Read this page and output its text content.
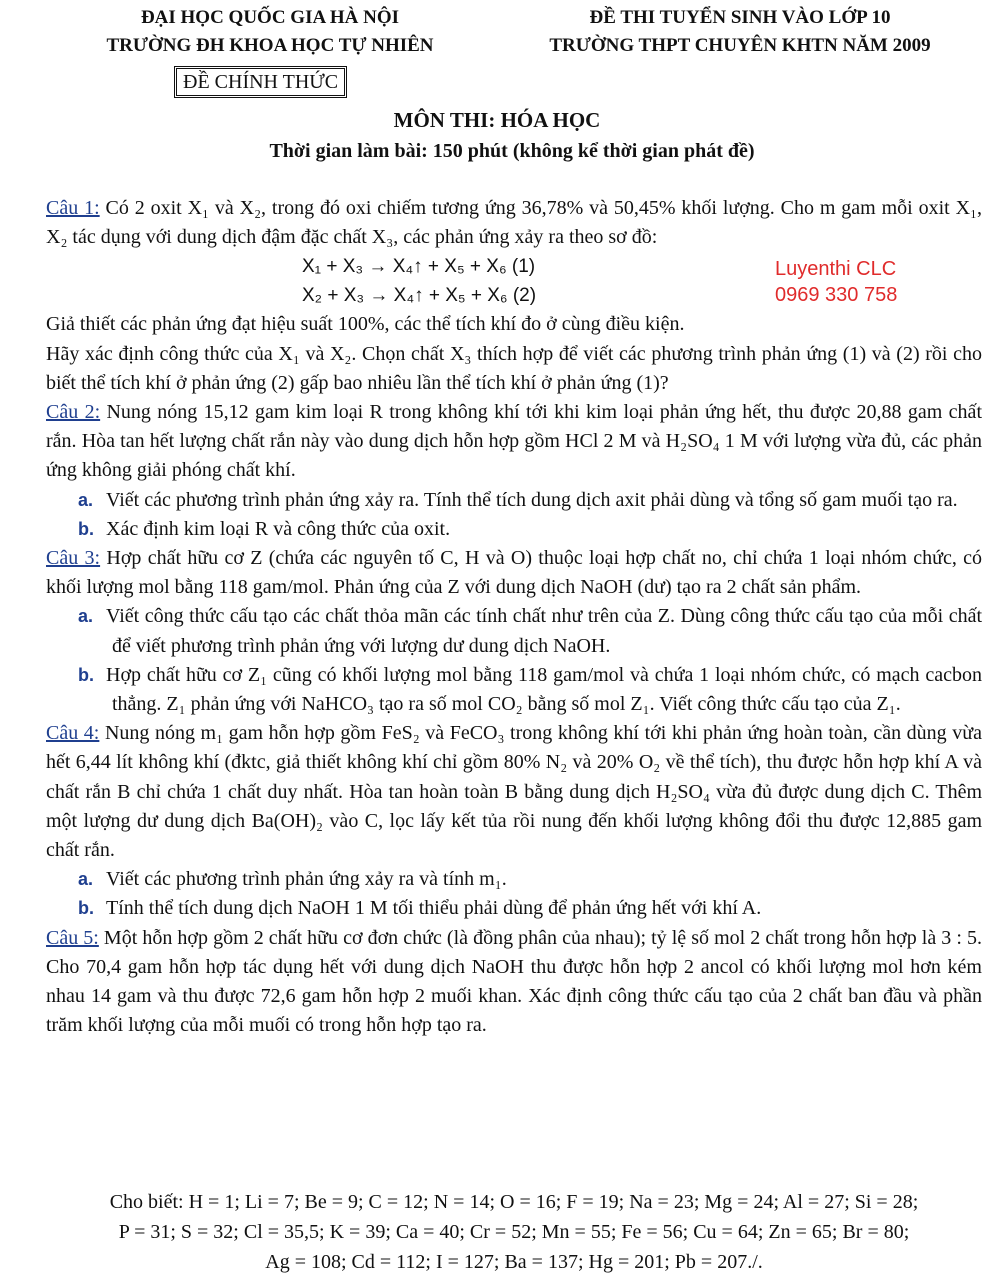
ĐẠI HỌC QUỐC GIA HÀ NỘI
TRƯỜNG ĐH KHOA HỌC TỰ NHIÊN
ĐỀ THI TUYỂN SINH VÀO LỚP 10
TRƯỜNG THPT CHUYÊN KHTN NĂM 2009
ĐỀ CHÍNH THỨC
MÔN THI: HÓA HỌC
Thời gian làm bài: 150 phút (không kể thời gian phát đề)

Câu 1: Có 2 oxit X₁ và X₂, trong đó oxi chiếm tương ứng 36,78% và 50,45% khối lượng. Cho m gam mỗi oxit X₁, X₂ tác dụng với dung dịch đậm đặc chất X₃, các phản ứng xảy ra theo sơ đồ:

X₁ + X₃ → X₄↑ + X₅ + X₆ (1)	Luyenthi CLC
X₂ + X₃ → X₄↑ + X₅ + X₆ (2)	0969 330 758

Giả thiết các phản ứng đạt hiệu suất 100%, các thể tích khí đo ở cùng điều kiện.

Hãy xác định công thức của X₁ và X₂. Chọn chất X₃ thích hợp để viết các phương trình phản ứng (1) và (2) rồi cho biết thể tích khí ở phản ứng (2) gấp bao nhiêu lần thể tích khí ở phản ứng (1)?

Câu 2: Nung nóng 15,12 gam kim loại R trong không khí tới khi kim loại phản ứng hết, thu được 20,88 gam chất rắn. Hòa tan hết lượng chất rắn này vào dung dịch hỗn hợp gồm HCl 2 M và H₂SO₄ 1 M với lượng vừa đủ, các phản ứng không giải phóng chất khí.

a. Viết các phương trình phản ứng xảy ra. Tính thể tích dung dịch axit phải dùng và tổng số gam muối tạo ra.

b. Xác định kim loại R và công thức của oxit.

Câu 3: Hợp chất hữu cơ Z (chứa các nguyên tố C, H và O) thuộc loại hợp chất no, chỉ chứa 1 loại nhóm chức, có khối lượng mol bằng 118 gam/mol. Phản ứng của Z với dung dịch NaOH (dư) tạo ra 2 chất sản phẩm.

a. Viết công thức cấu tạo các chất thỏa mãn các tính chất như trên của Z. Dùng công thức cấu tạo của mỗi chất để viết phương trình phản ứng với lượng dư dung dịch NaOH.

b. Hợp chất hữu cơ Z₁ cũng có khối lượng mol bằng 118 gam/mol và chứa 1 loại nhóm chức, có mạch cacbon thẳng. Z₁ phản ứng với NaHCO₃ tạo ra số mol CO₂ bằng số mol Z₁. Viết công thức cấu tạo của Z₁.

Câu 4: Nung nóng m₁ gam hỗn hợp gồm FeS₂ và FeCO₃ trong không khí tới khi phản ứng hoàn toàn, cần dùng vừa hết 6,44 lít không khí (đktc, giả thiết không khí chỉ gồm 80% N₂ và 20% O₂ về thể tích), thu được hỗn hợp khí A và chất rắn B chỉ chứa 1 chất duy nhất. Hòa tan hoàn toàn B bằng dung dịch H₂SO₄ vừa đủ được dung dịch C. Thêm một lượng dư dung dịch Ba(OH)₂ vào C, lọc lấy kết tủa rồi nung đến khối lượng không đổi thu được 12,885 gam chất rắn.

a. Viết các phương trình phản ứng xảy ra và tính m₁.

b. Tính thể tích dung dịch NaOH 1 M tối thiểu phải dùng để phản ứng hết với khí A.

Câu 5: Một hỗn hợp gồm 2 chất hữu cơ đơn chức (là đồng phân của nhau); tỷ lệ số mol 2 chất trong hỗn hợp là 3 : 5. Cho 70,4 gam hỗn hợp tác dụng hết với dung dịch NaOH thu được hỗn hợp 2 ancol có khối lượng mol hơn kém nhau 14 gam và thu được 72,6 gam hỗn hợp 2 muối khan. Xác định công thức cấu tạo của 2 chất ban đầu và phần trăm khối lượng của mỗi muối có trong hỗn hợp tạo ra.

Cho biết: H = 1; Li = 7; Be = 9; C = 12; N = 14; O = 16; F = 19; Na = 23; Mg = 24; Al = 27; Si = 28;
P = 31; S = 32; Cl = 35,5; K = 39; Ca = 40; Cr = 52; Mn = 55; Fe = 56; Cu = 64; Zn = 65; Br = 80;
Ag = 108; Cd = 112; I = 127; Ba = 137; Hg = 201; Pb = 207./.
